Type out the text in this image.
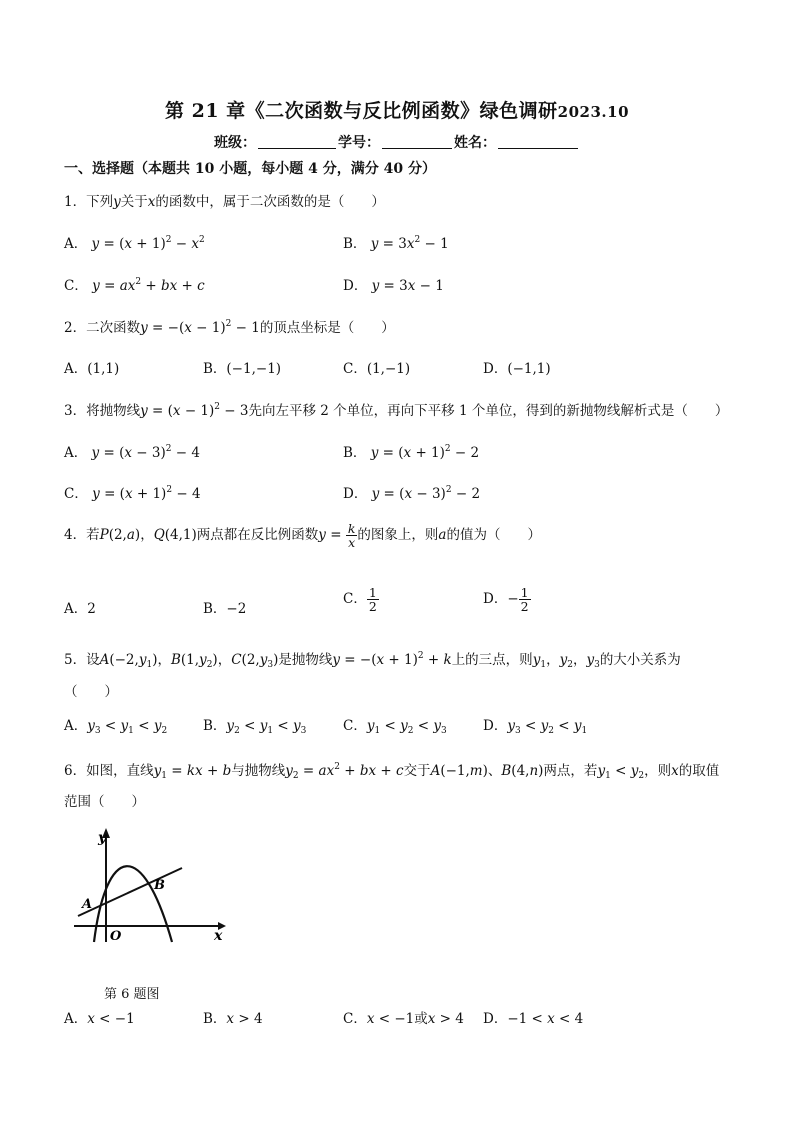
第 21 章《二次函数与反比例函数》绿色调研2023.10
班级：	学号：	姓名：
一、选择题（本题共 10 小题，每小题 4 分，满分 40 分）
1．下列y关于x的函数中，属于二次函数的是（　　）
A． $y = (x + 1)^2 - x^2$	B． $y = 3x^2 - 1$
C． $y = ax^2$ + bx + c	D． y = 3x − 1
2．二次函数$y = -(x - 1)^2 - 1$的顶点坐标是（　　）
A．(1,1)	B．(−1,−1)	C．(1,−1)	D．(−1,1)
3．将抛物线$y = (x - 1)^2 - 3$先向左平移 2 个单位，再向下平移 1 个单位，得到的新抛物线解析式是（　　）
A． $y = (x - 3)^2 - 4$	B． $y = (x + 1)^2 - 2$
C． $y = (x + 1)^2 - 4$	D． $y = (x - 3)^2 - 2$
4．若P(2,a)，Q(4,1)两点都在反比例函数$y = \frac{k}{x}$ 的图象上，则a的值为（　　）
A．2	B．−2
C． $\frac{1}{2}$	D．− $\frac{1}{2}$
5．设$A(-2,y_1)$，$B(1,y_2)$，$C(2,y_3)$是抛物线$y = -(x + 1)^2 + k$上的三点，则$y_1$，$y_2$，$y_3$的大小关系为
（　　）
A．$y_3 < y_1 < y_2$	B．$y_2 < y_1 < y_3$	C．$y_1 < y_2 < y_3$	D．$y_3 < y_2 < y_1$
6．如图，直线$y_1$ = kx + b与抛物线$y_2 = ax^2$ + bx + c交于A(−1,m)、B(4,n)两点，若$y_1 < y_2$，则x的取值
范围（　　）
y
x
O
A
B
第 6 题图
A．x < −1	B．x > 4	C．x < −1或x > 4 D．−1 < x < 4
